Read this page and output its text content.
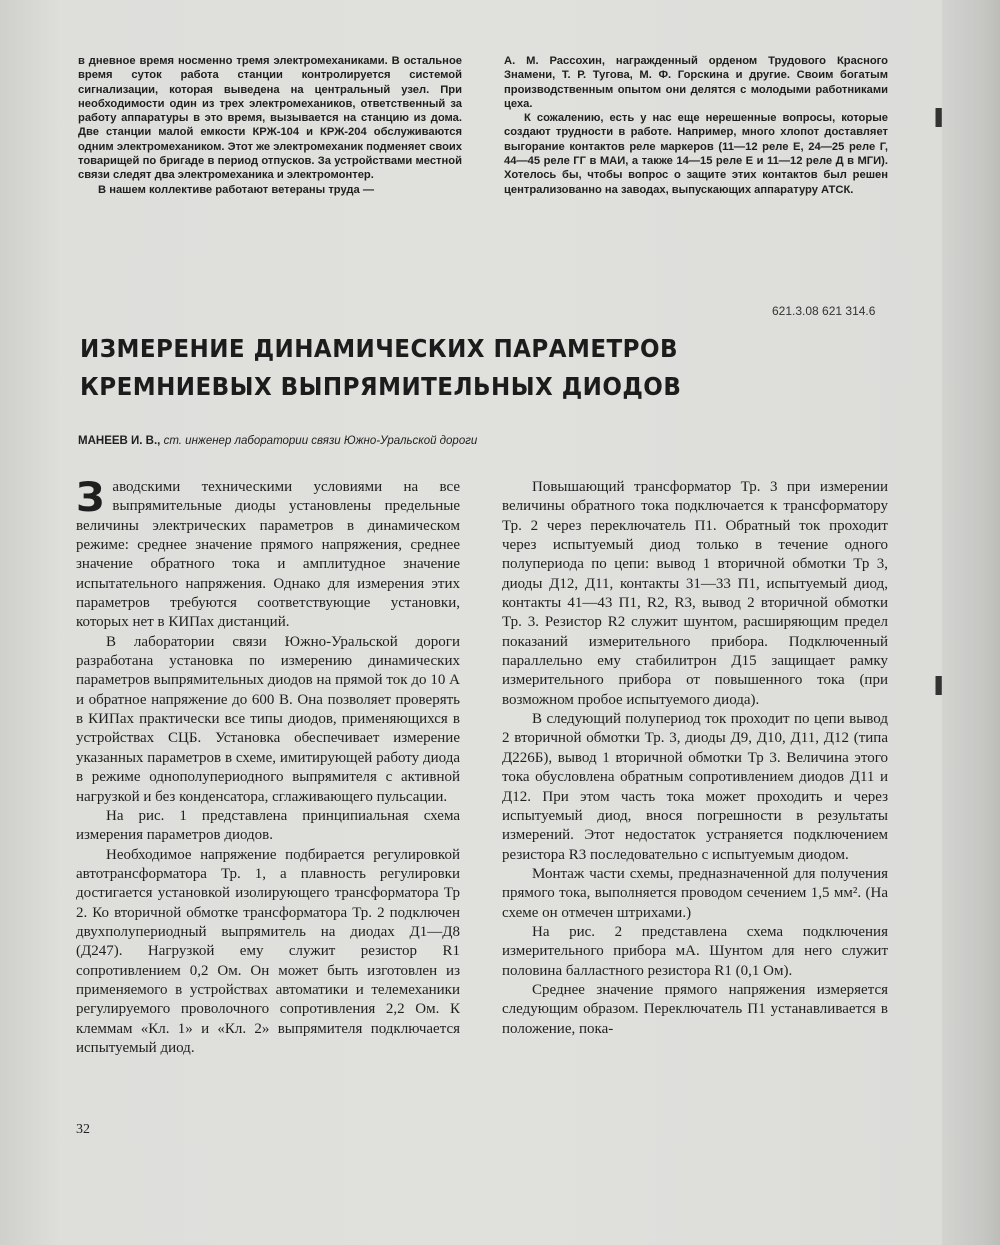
▌
▌

в дневное время носменно тремя электромеханиками. В остальное время суток работа станции контролируется системой сигнализации, которая выведена на центральный узел. При необходимости один из трех электромехаников, ответственный за работу аппаратуры в это время, вызывается на станцию из дома. Две станции малой емкости КРЖ-104 и КРЖ-204 обслуживаются одним электромехаником. Этот же электромеханик подменяет своих товарищей по бригаде в период отпусков. За устройствами местной связи следят два электромеханика и электромонтер.

В нашем коллективе работают ветераны труда —

А. М. Рассохин, награжденный орденом Трудового Красного Знамени, Т. Р. Тугова, М. Ф. Горскина и другие. Своим богатым производственным опытом они делятся с молодыми работниками цеха.

К сожалению, есть у нас еще нерешенные вопросы, которые создают трудности в работе. Например, много хлопот доставляет выгорание контактов реле маркеров (11—12 реле Е, 24—25 реле Г, 44—45 реле ГГ в МАИ, а также 14—15 реле Е и 11—12 реле Д в МГИ). Хотелось бы, чтобы вопрос о защите этих контактов был решен централизованно на заводах, выпускающих аппаратуру АТСК.

621.3.08 621 314.6
ИЗМЕРЕНИЕ ДИНАМИЧЕСКИХ ПАРАМЕТРОВ
КРЕМНИЕВЫХ ВЫПРЯМИТЕЛЬНЫХ ДИОДОВ

МАНЕЕВ И. В., ст. инженер лаборатории связи Южно-Уральской дороги

Заводскими техническими условиями на все выпрямительные диоды установлены предельные величины электрических параметров в динамическом режиме: среднее значение прямого напряжения, среднее значение обратного тока и амплитудное значение испытательного напряжения. Однако для измерения этих параметров требуются соответствующие установки, которых нет в КИПах дистанций.

В лаборатории связи Южно-Уральской дороги разработана установка по измерению динамических параметров выпрямительных диодов на прямой ток до 10 А и обратное напряжение до 600 В. Она позволяет проверять в КИПах практически все типы диодов, применяющихся в устройствах СЦБ. Установка обеспечивает измерение указанных параметров в схеме, имитирующей работу диода в режиме однополупериодного выпрямителя с активной нагрузкой и без конденсатора, сглаживающего пульсации.

На рис. 1 представлена принципиальная схема измерения параметров диодов.

Необходимое напряжение подбирается регулировкой автотрансформатора Тр. 1, а плавность регулировки достигается установкой изолирующего трансформатора Тр 2. Ко вторичной обмотке трансформатора Тр. 2 подключен двухполупериодный выпрямитель на диодах Д1—Д8 (Д247). Нагрузкой ему служит резистор R1 сопротивлением 0,2 Ом. Он может быть изготовлен из применяемого в устройствах автоматики и телемеханики регулируемого проволочного сопротивления 2,2 Ом. К клеммам «Кл. 1» и «Кл. 2» выпрямителя подключается испытуемый диод.

Повышающий трансформатор Тр. 3 при измерении величины обратного тока подключается к трансформатору Тр. 2 через переключатель П1. Обратный ток проходит через испытуемый диод только в течение одного полупериода по цепи: вывод 1 вторичной обмотки Тр 3, диоды Д12, Д11, контакты 31—33 П1, испытуемый диод, контакты 41—43 П1, R2, R3, вывод 2 вторичной обмотки Тр. 3. Резистор R2 служит шунтом, расширяющим предел показаний измерительного прибора. Подключенный параллельно ему стабилитрон Д15 защищает рамку измерительного прибора от повышенного тока (при возможном пробое испытуемого диода).

В следующий полупериод ток проходит по цепи вывод 2 вторичной обмотки Тр. 3, диоды Д9, Д10, Д11, Д12 (типа Д226Б), вывод 1 вторичной обмотки Тр 3. Величина этого тока обусловлена обратным сопротивлением диодов Д11 и Д12. При этом часть тока может проходить и через испытуемый диод, внося погрешности в результаты измерений. Этот недостаток устраняется подключением резистора R3 последовательно с испытуемым диодом.

Монтаж части схемы, предназначенной для получения прямого тока, выполняется проводом сечением 1,5 мм². (На схеме он отмечен штрихами.)

На рис. 2 представлена схема подключения измерительного прибора мА. Шунтом для него служит половина балластного резистора R1 (0,1 Ом).

Среднее значение прямого напряжения измеряется следующим образом. Переключатель П1 устанавливается в положение, пока-

32
